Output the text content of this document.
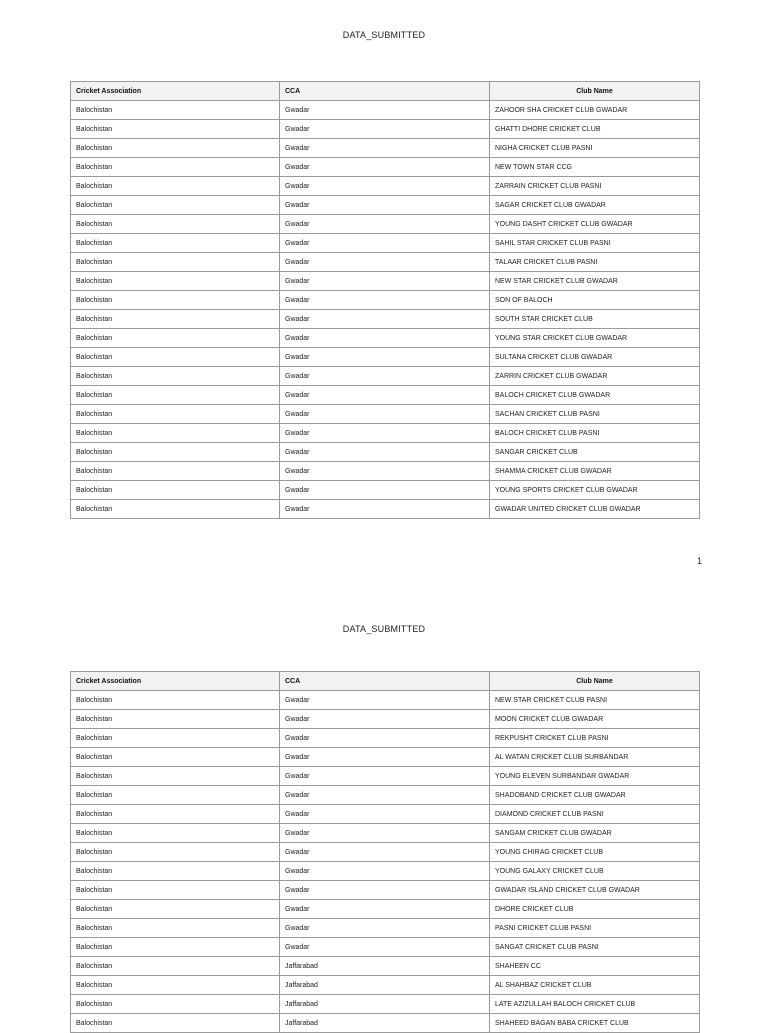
DATA_SUBMITTED
Cricket Association	CCA	Club Name
Balochistan	Gwadar	ZAHOOR SHA CRICKET CLUB GWADAR
Balochistan	Gwadar	GHATTI DHORE CRICKET CLUB
Balochistan	Gwadar	NIGHA CRICKET CLUB PASNI
Balochistan	Gwadar	NEW TOWN STAR CCG
Balochistan	Gwadar	ZARRAIN CRICKET CLUB PASNI
Balochistan	Gwadar	SAGAR CRICKET CLUB GWADAR
Balochistan	Gwadar	YOUNG DASHT CRICKET CLUB GWADAR
Balochistan	Gwadar	SAHIL STAR CRICKET CLUB PASNI
Balochistan	Gwadar	TALAAR CRICKET CLUB PASNI
Balochistan	Gwadar	NEW STAR CRICKET CLUB GWADAR
Balochistan	Gwadar	SON OF BALOCH
Balochistan	Gwadar	SOUTH STAR CRICKET CLUB
Balochistan	Gwadar	YOUNG STAR CRICKET CLUB GWADAR
Balochistan	Gwadar	SULTANA CRICKET CLUB GWADAR
Balochistan	Gwadar	ZARRIN CRICKET CLUB GWADAR
Balochistan	Gwadar	BALOCH CRICKET CLUB GWADAR
Balochistan	Gwadar	SACHAN CRICKET CLUB PASNI
Balochistan	Gwadar	BALOCH CRICKET CLUB PASNI
Balochistan	Gwadar	SANGAR CRICKET CLUB
Balochistan	Gwadar	SHAMMA CRICKET CLUB GWADAR
Balochistan	Gwadar	YOUNG SPORTS CRICKET CLUB GWADAR
Balochistan	Gwadar	GWADAR UNITED CRICKET CLUB GWADAR
1
DATA_SUBMITTED
Cricket Association	CCA	Club Name
Balochistan	Gwadar	NEW STAR CRICKET CLUB PASNI
Balochistan	Gwadar	MOON CRICKET CLUB GWADAR
Balochistan	Gwadar	REKPUSHT CRICKET CLUB PASNI
Balochistan	Gwadar	AL WATAN CRICKET CLUB SURBANDAR
Balochistan	Gwadar	YOUNG ELEVEN SURBANDAR GWADAR
Balochistan	Gwadar	SHADOBAND CRICKET CLUB GWADAR
Balochistan	Gwadar	DIAMOND CRICKET CLUB PASNI
Balochistan	Gwadar	SANGAM CRICKET CLUB GWADAR
Balochistan	Gwadar	YOUNG CHIRAG CRICKET CLUB
Balochistan	Gwadar	YOUNG GALAXY CRICKET CLUB
Balochistan	Gwadar	GWADAR ISLAND CRICKET CLUB GWADAR
Balochistan	Gwadar	DHORE CRICKET CLUB
Balochistan	Gwadar	PASNI CRICKET CLUB PASNI
Balochistan	Gwadar	SANGAT CRICKET CLUB PASNI
Balochistan	Jaffarabad	SHAHEEN CC
Balochistan	Jaffarabad	AL SHAHBAZ CRICKET CLUB
Balochistan	Jaffarabad	LATE AZIZULLAH BALOCH CRICKET CLUB
Balochistan	Jaffarabad	SHAHEED BAGAN BABA CRICKET CLUB
